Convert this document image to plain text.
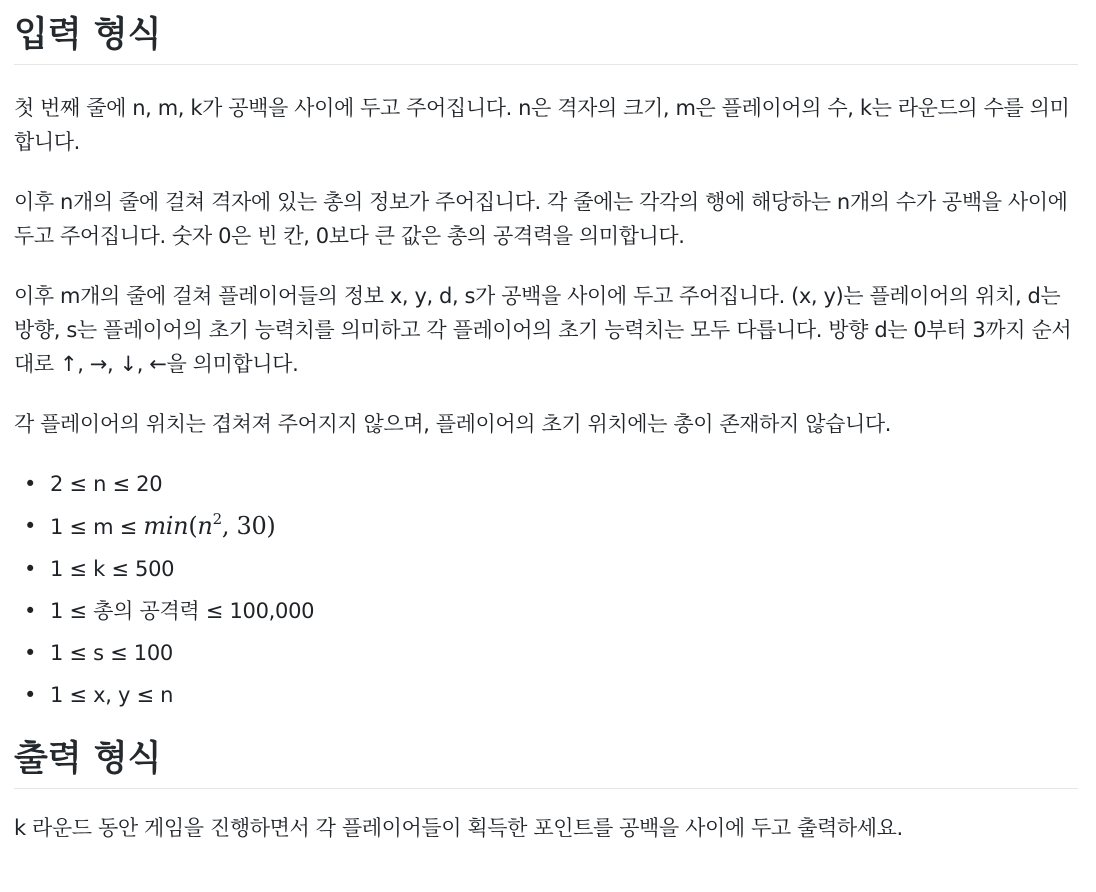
입력 형식

첫 번째 줄에 n, m, k가 공백을 사이에 두고 주어집니다. n은 격자의 크기, m은 플레이어의 수, k는 라운드의 수를 의미합니다.

이후 n개의 줄에 걸쳐 격자에 있는 총의 정보가 주어집니다. 각 줄에는 각각의 행에 해당하는 n개의 수가 공백을 사이에 두고 주어집니다. 숫자 0은 빈 칸, 0보다 큰 값은 총의 공격력을 의미합니다.

이후 m개의 줄에 걸쳐 플레이어들의 정보 x, y, d, s가 공백을 사이에 두고 주어집니다. (x, y)는 플레이어의 위치, d는 방향, s는 플레이어의 초기 능력치를 의미하고 각 플레이어의 초기 능력치는 모두 다릅니다. 방향 d는 0부터 3까지 순서대로 ↑, →, ↓, ←을 의미합니다.

각 플레이어의 위치는 겹쳐져 주어지지 않으며, 플레이어의 초기 위치에는 총이 존재하지 않습니다.

• 2 ≤ n ≤ 20
• $1 \le m \le \min(n^2$, 30)
• 1 ≤ k ≤ 500
• 1 ≤ 총의 공격력 ≤ 100,000
• 1 ≤ s ≤ 100
• 1 ≤ x, y ≤ n
출력 형식

k 라운드 동안 게임을 진행하면서 각 플레이어들이 획득한 포인트를 공백을 사이에 두고 출력하세요.
